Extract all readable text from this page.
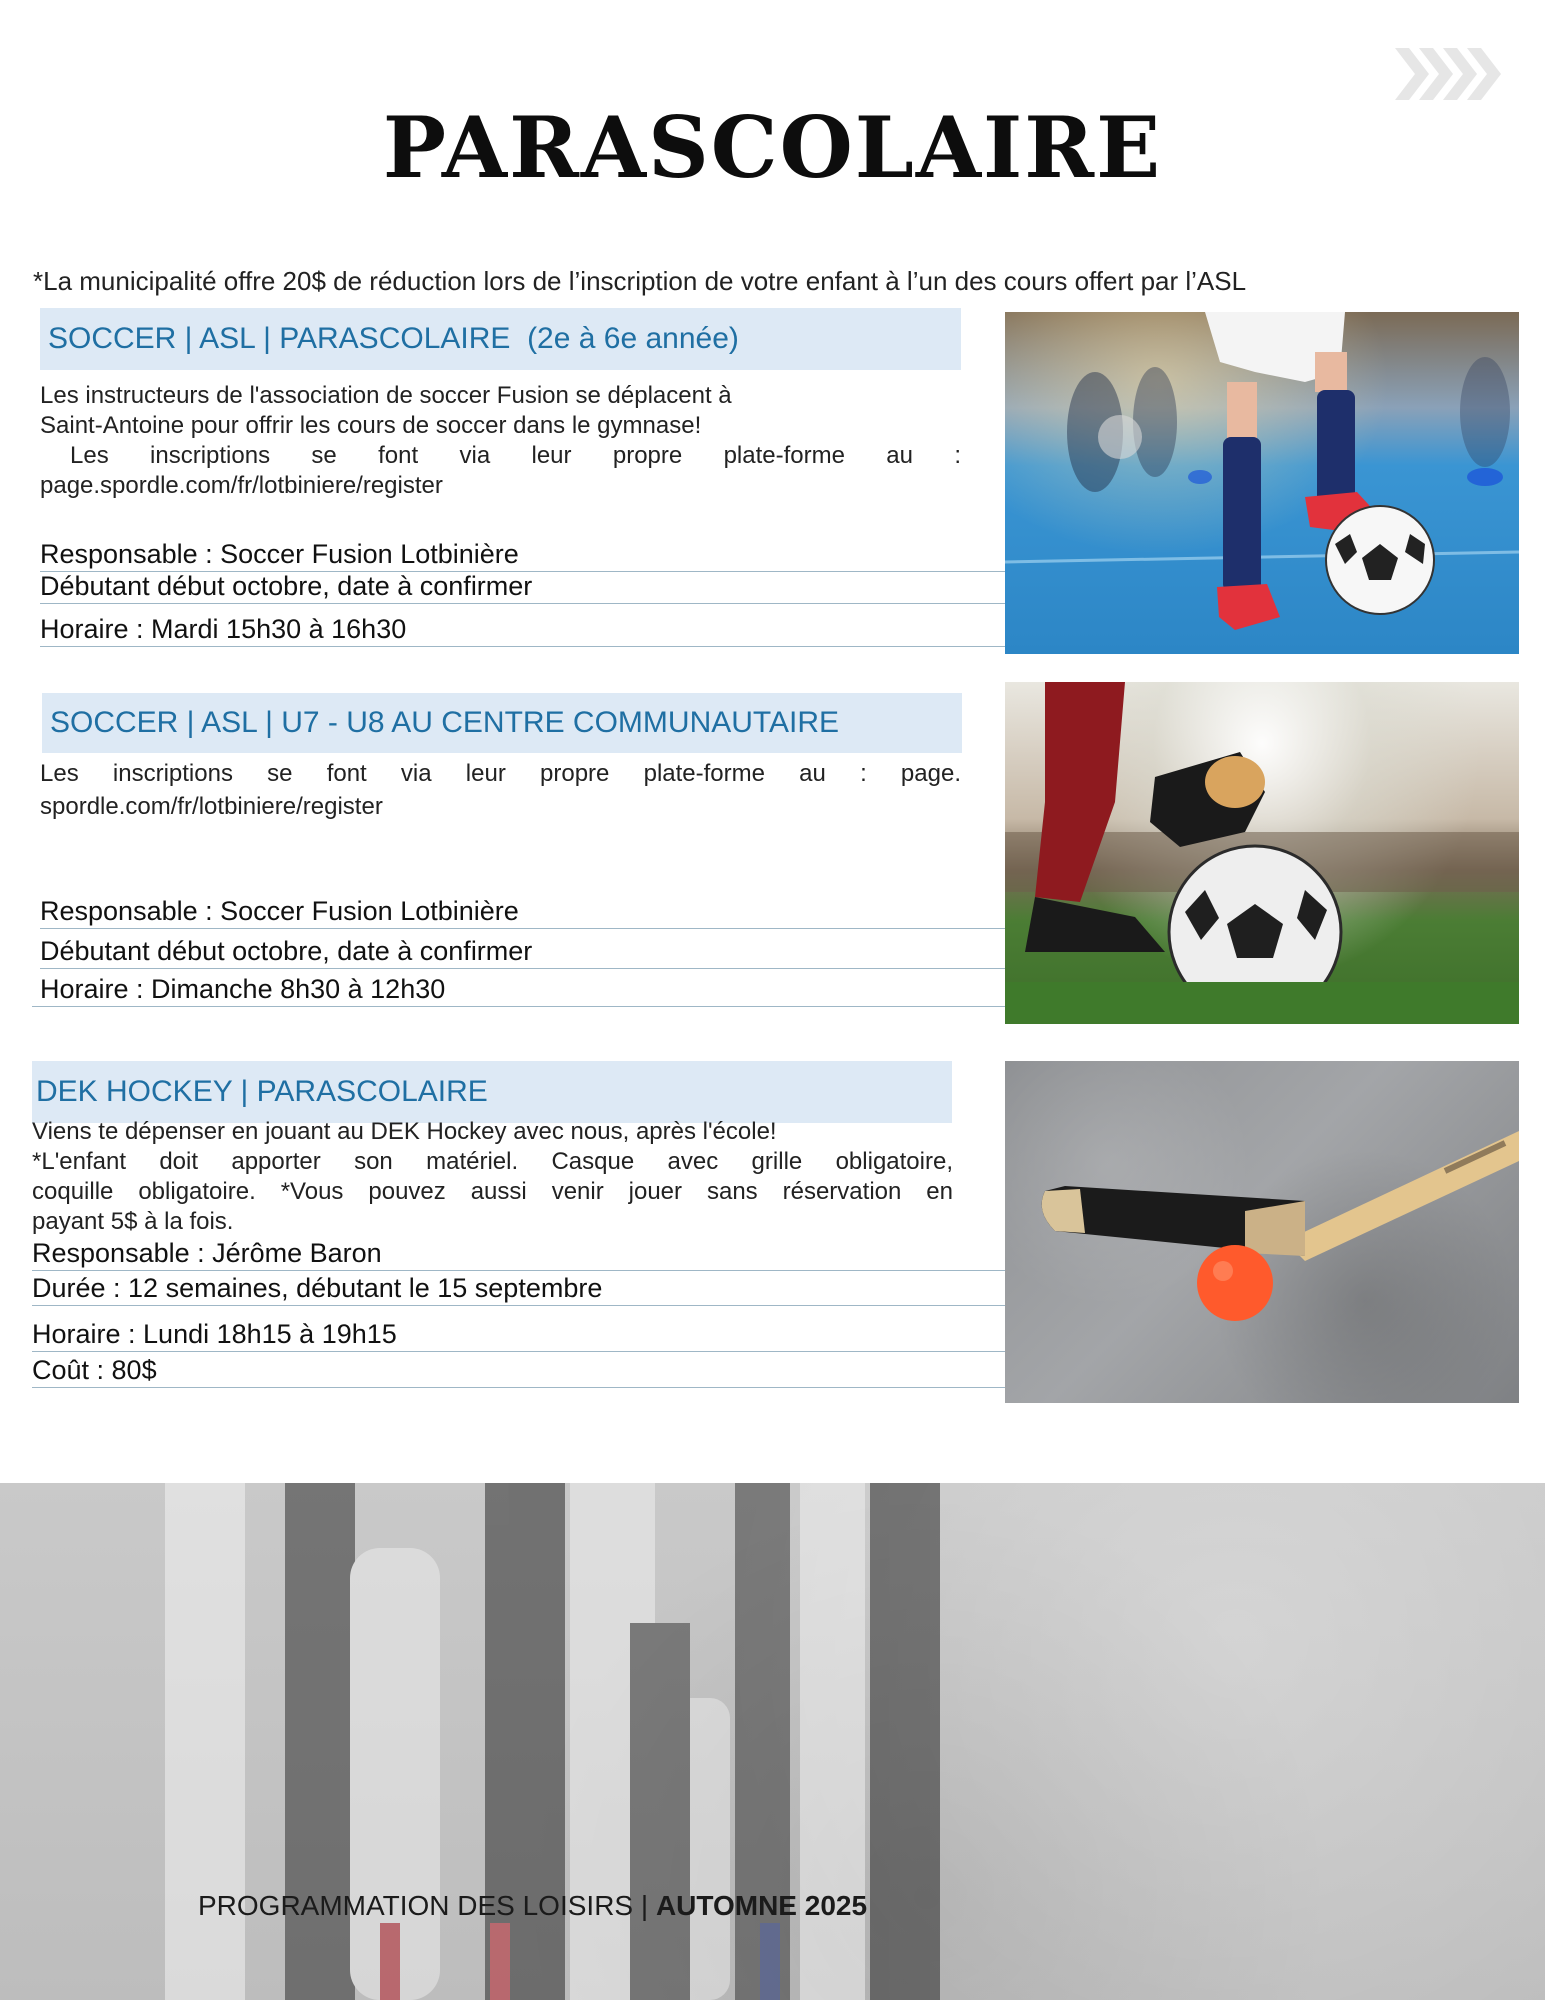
PARASCOLAIRE
*La municipalité offre 20$ de réduction lors de l’inscription de votre enfant à l’un des cours offert par l’ASL
SOCCER | ASL | PARASCOLAIRE  (2e à 6e année)
Les instructeurs de l'association de soccer Fusion se déplacent à
Saint-Antoine pour offrir les cours de soccer dans le gymnase!
Les inscriptions se font via leur propre plate-forme au :
page.spordle.com/fr/lotbiniere/register
Responsable : Soccer Fusion Lotbinière
Débutant début octobre, date à confirmer
Horaire : Mardi 15h30 à 16h30
SOCCER | ASL | U7 - U8 AU CENTRE COMMUNAUTAIRE
Les inscriptions se font via leur propre plate-forme au : page.
spordle.com/fr/lotbiniere/register
Responsable : Soccer Fusion Lotbinière
Débutant début octobre, date à confirmer
Horaire : Dimanche 8h30 à 12h30
DEK HOCKEY | PARASCOLAIRE
Viens te dépenser en jouant au DEK Hockey avec nous, après l'école!
*L'enfant doit apporter son matériel. Casque avec grille obligatoire,
coquille obligatoire. *Vous pouvez aussi venir jouer sans réservation en
payant 5$ à la fois.
Responsable : Jérôme Baron
Durée : 12 semaines, débutant le 15 septembre
Horaire : Lundi 18h15 à 19h15
Coût : 80$
PROGRAMMATION DES LOISIRS | AUTOMNE 2025
